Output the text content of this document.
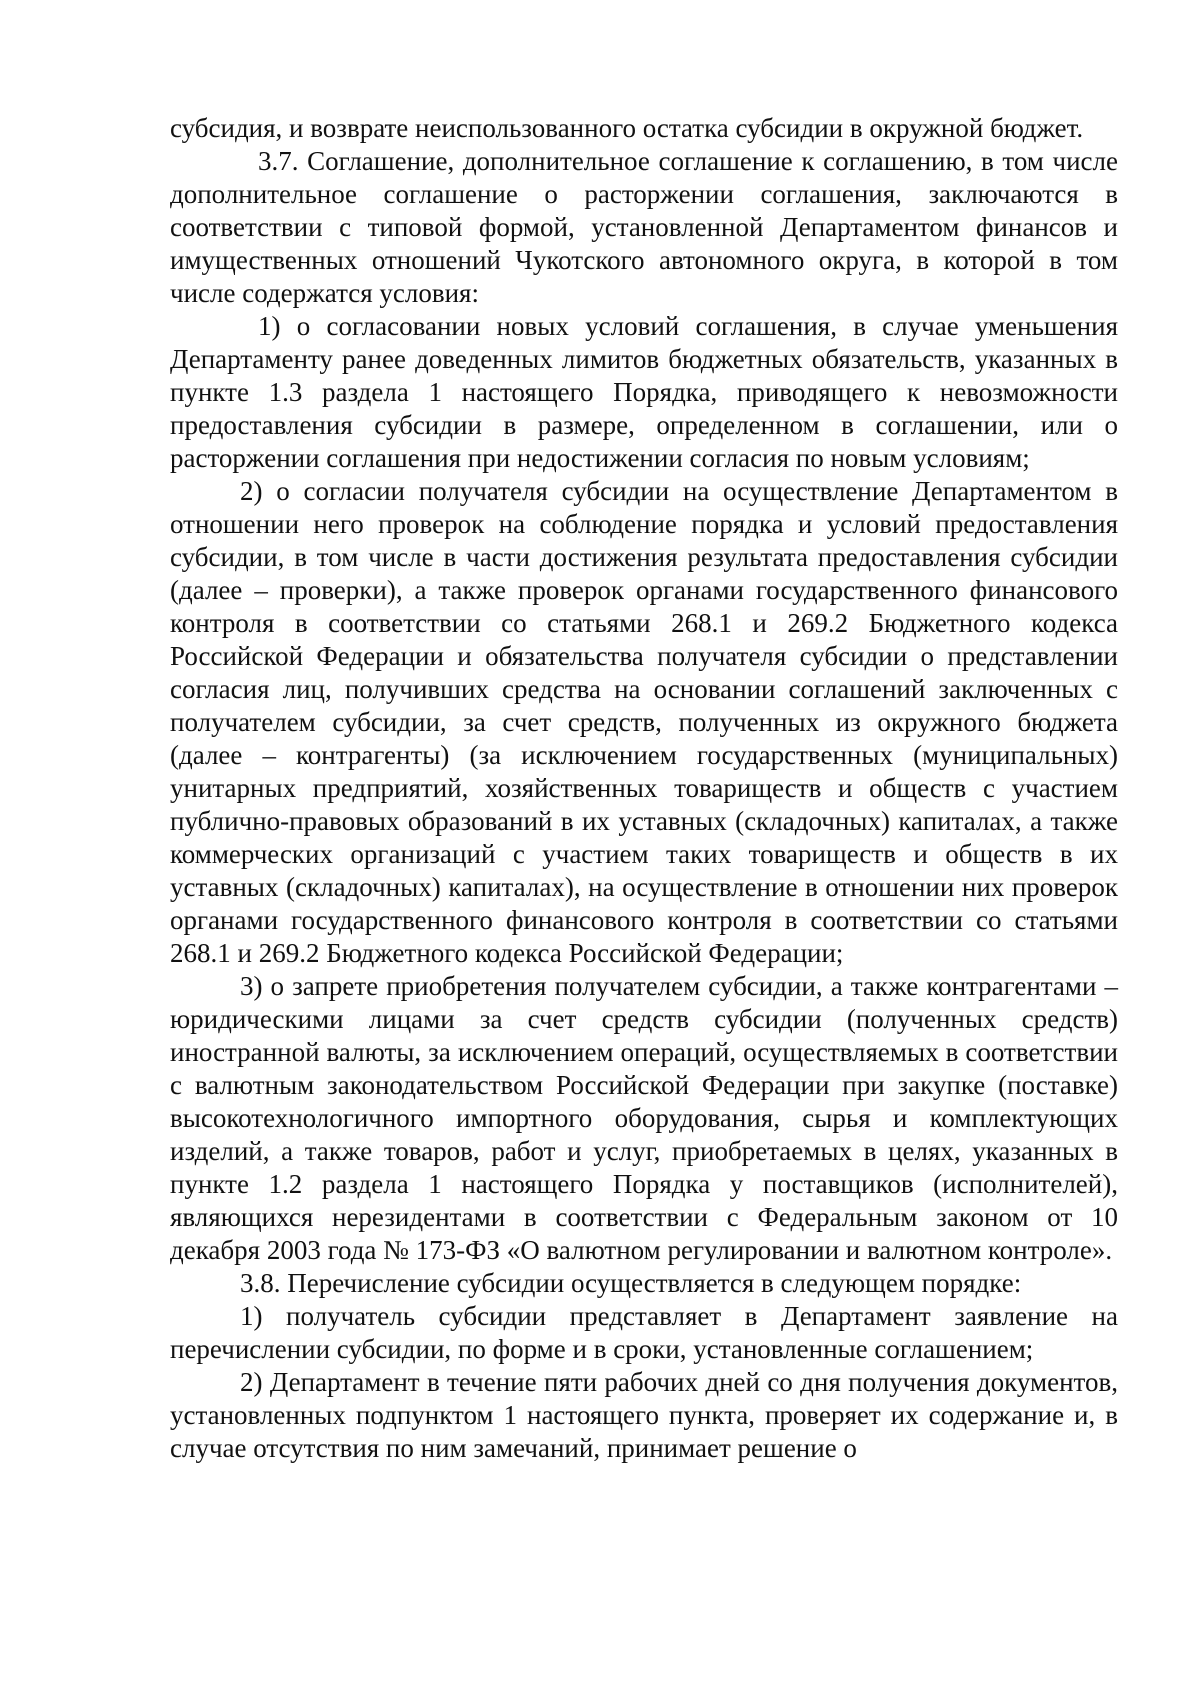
субсидия, и возврате неиспользованного остатка субсидии в окружной бюджет.

3.7. Соглашение, дополнительное соглашение к соглашению, в том числе дополнительное соглашение о расторжении соглашения, заключаются в соответствии с типовой формой, установленной Департаментом финансов и имущественных отношений Чукотского автономного округа, в которой в том числе содержатся условия:

1) о согласовании новых условий соглашения, в случае уменьшения Департаменту ранее доведенных лимитов бюджетных обязательств, указанных в пункте 1.3 раздела 1 настоящего Порядка, приводящего к невозможности предоставления субсидии в размере, определенном в соглашении, или о расторжении соглашения при недостижении согласия по новым условиям;

2) о согласии получателя субсидии на осуществление Департаментом в отношении него проверок на соблюдение порядка и условий предоставления субсидии, в том числе в части достижения результата предоставления субсидии (далее – проверки), а также проверок органами государственного финансового контроля в соответствии со статьями 268.1 и 269.2 Бюджетного кодекса Российской Федерации и обязательства получателя субсидии о представлении согласия лиц, получивших средства на основании соглашений заключенных с получателем субсидии, за счет средств, полученных из окружного бюджета (далее – контрагенты) (за исключением государственных (муниципальных) унитарных предприятий, хозяйственных товариществ и обществ с участием публично-правовых образований в их уставных (складочных) капиталах, а также коммерческих организаций с участием таких товариществ и обществ в их уставных (складочных) капиталах), на осуществление в отношении них проверок органами государственного финансового контроля в соответствии со статьями 268.1 и 269.2 Бюджетного кодекса Российской Федерации;

3) о запрете приобретения получателем субсидии, а также контрагентами – юридическими лицами за счет средств субсидии (полученных средств) иностранной валюты, за исключением операций, осуществляемых в соответствии с валютным законодательством Российской Федерации при закупке (поставке) высокотехнологичного импортного оборудования, сырья и комплектующих изделий, а также товаров, работ и услуг, приобретаемых в целях, указанных в пункте 1.2 раздела 1 настоящего Порядка у поставщиков (исполнителей), являющихся нерезидентами в соответствии с Федеральным законом от 10 декабря 2003 года № 173-ФЗ «О валютном регулировании и валютном контроле».

3.8. Перечисление субсидии осуществляется в следующем порядке:

1) получатель субсидии представляет в Департамент заявление на перечислении субсидии, по форме и в сроки, установленные соглашением;

2) Департамент в течение пяти рабочих дней со дня получения документов, установленных подпунктом 1 настоящего пункта, проверяет их содержание и, в случае отсутствия по ним замечаний, принимает решение о
